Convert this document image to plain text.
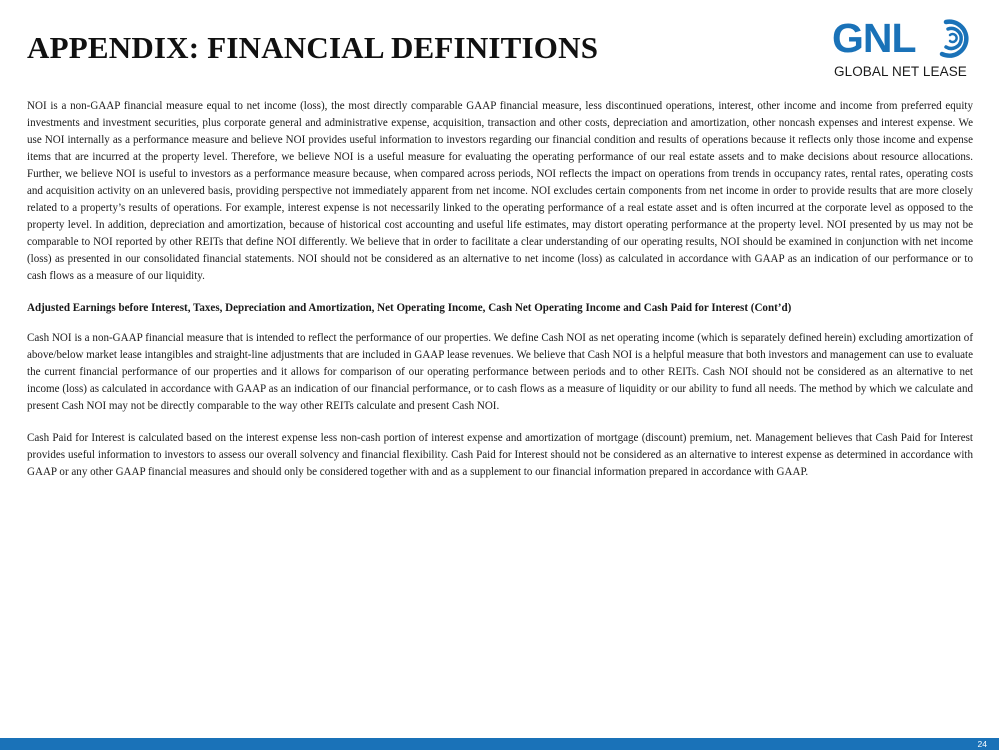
APPENDIX: FINANCIAL DEFINITIONS	GNL
GLOBAL NET LEASE

NOI is a non-GAAP financial measure equal to net income (loss), the most directly comparable GAAP financial measure, less discontinued operations, interest, other income and income from preferred equity investments and investment securities, plus corporate general and administrative expense, acquisition, transaction and other costs, depreciation and amortization, other noncash expenses and interest expense. We use NOI internally as a performance measure and believe NOI provides useful information to investors regarding our financial condition and results of operations because it reflects only those income and expense items that are incurred at the property level. Therefore, we believe NOI is a useful measure for evaluating the operating performance of our real estate assets and to make decisions about resource allocations. Further, we believe NOI is useful to investors as a performance measure because, when compared across periods, NOI reflects the impact on operations from trends in occupancy rates, rental rates, operating costs and acquisition activity on an unlevered basis, providing perspective not immediately apparent from net income. NOI excludes certain components from net income in order to provide results that are more closely related to a property’s results of operations. For example, interest expense is not necessarily linked to the operating performance of a real estate asset and is often incurred at the corporate level as opposed to the property level. In addition, depreciation and amortization, because of historical cost accounting and useful life estimates, may distort operating performance at the property level. NOI presented by us may not be comparable to NOI reported by other REITs that define NOI differently. We believe that in order to facilitate a clear understanding of our operating results, NOI should be examined in conjunction with net income (loss) as presented in our consolidated financial statements. NOI should not be considered as an alternative to net income (loss) as calculated in accordance with GAAP as an indication of our performance or to cash flows as a measure of our liquidity.

Adjusted Earnings before Interest, Taxes, Depreciation and Amortization, Net Operating Income, Cash Net Operating Income and Cash Paid for Interest (Cont’d)

Cash NOI is a non-GAAP financial measure that is intended to reflect the performance of our properties. We define Cash NOI as net operating income (which is separately defined herein) excluding amortization of above/below market lease intangibles and straight-line adjustments that are included in GAAP lease revenues. We believe that Cash NOI is a helpful measure that both investors and management can use to evaluate the current financial performance of our properties and it allows for comparison of our operating performance between periods and to other REITs. Cash NOI should not be considered as an alternative to net income (loss) as calculated in accordance with GAAP as an indication of our financial performance, or to cash flows as a measure of liquidity or our ability to fund all needs. The method by which we calculate and present Cash NOI may not be directly comparable to the way other REITs calculate and present Cash NOI.

Cash Paid for Interest is calculated based on the interest expense less non-cash portion of interest expense and amortization of mortgage (discount) premium, net. Management believes that Cash Paid for Interest provides useful information to investors to assess our overall solvency and financial flexibility. Cash Paid for Interest should not be considered as an alternative to interest expense as determined in accordance with GAAP or any other GAAP financial measures and should only be considered together with and as a supplement to our financial information prepared in accordance with GAAP.

24
